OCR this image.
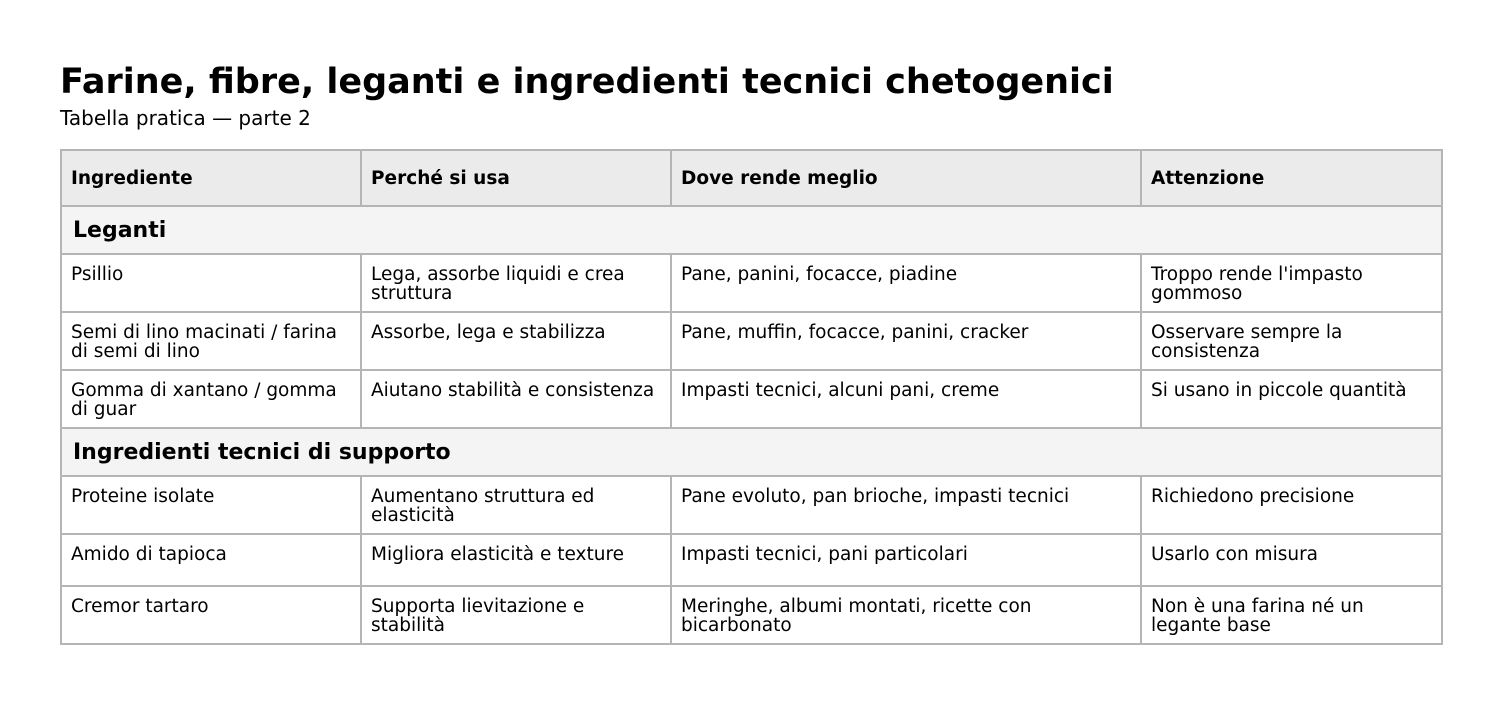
Farine, fibre, leganti e ingredienti tecnici chetogenici
Tabella pratica — parte 2
Ingrediente	Perché si usa	Dove rende meglio	Attenzione
Leganti			
Psillio	Lega, assorbe liquidi e crea struttura	Pane, panini, focacce, piadine	Troppo rende l'impasto gommoso
Semi di lino macinati / farina di semi di lino	Assorbe, lega e stabilizza	Pane, muffin, focacce, panini, cracker	Osservare sempre la consistenza
Gomma di xantano / gomma di guar	Aiutano stabilità e consistenza	Impasti tecnici, alcuni pani, creme	Si usano in piccole quantità
Ingredienti tecnici di supporto			
Proteine isolate	Aumentano struttura ed elasticità	Pane evoluto, pan brioche, impasti tecnici	Richiedono precisione
Amido di tapioca	Migliora elasticità e texture	Impasti tecnici, pani particolari	Usarlo con misura
Cremor tartaro	Supporta lievitazione e stabilità	Meringhe, albumi montati, ricette con bicarbonato	Non è una farina né un legante base
